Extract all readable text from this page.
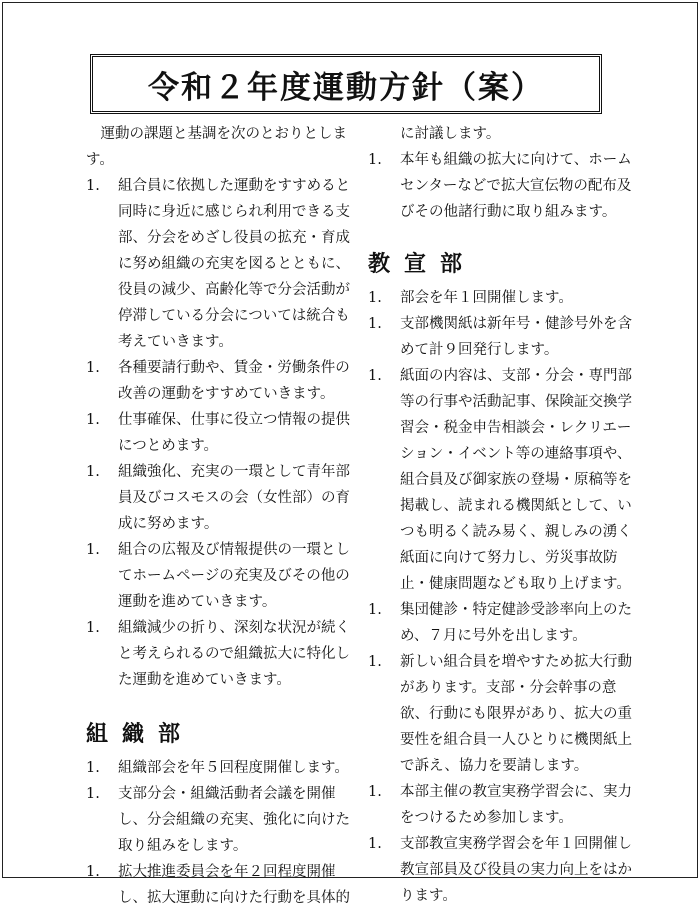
令和２年度運動方針（案）
運動の課題と基調を次のとおりとしま
す。
1. 組合員に依拠した運動をすすめると
同時に身近に感じられ利用できる支
部、分会をめざし役員の拡充・育成
に努め組織の充実を図るとともに、
役員の減少、高齢化等で分会活動が
停滞している分会については統合も
考えていきます。
1. 各種要請行動や、賃金・労働条件の
改善の運動をすすめていきます。
1. 仕事確保、仕事に役立つ情報の提供
につとめます。
1. 組織強化、充実の一環として青年部
員及びコスモスの会（女性部）の育
成に努めます。
1. 組合の広報及び情報提供の一環とし
てホームページの充実及びその他の
運動を進めていきます。
1. 組織減少の折り、深刻な状況が続く
と考えられるので組織拡大に特化し
た運動を進めていきます。
組織部
1. 組織部会を年５回程度開催します。
1. 支部分会・組織活動者会議を開催
し、分会組織の充実、強化に向けた
取り組みをします。
1. 拡大推進委員会を年２回程度開催
し、拡大運動に向けた行動を具体的
に討議します。
1. 本年も組織の拡大に向けて、ホーム
センターなどで拡大宣伝物の配布及
びその他諸行動に取り組みます。
教宣部
1. 部会を年１回開催します。
1. 支部機関紙は新年号・健診号外を含
めて計９回発行します。
1. 紙面の内容は、支部・分会・専門部
等の行事や活動記事、保険証交換学
習会・税金申告相談会・レクリエー
ション・イベント等の連絡事項や、
組合員及び御家族の登場・原稿等を
掲載し、読まれる機関紙として、い
つも明るく読み易く、親しみの湧く
紙面に向けて努力し、労災事故防
止・健康問題なども取り上げます。
1. 集団健診・特定健診受診率向上のた
め、７月に号外を出します。
1. 新しい組合員を増やすため拡大行動
があります。支部・分会幹事の意
欲、行動にも限界があり、拡大の重
要性を組合員一人ひとりに機関紙上
で訴え、協力を要請します。
1. 本部主催の教宣実務学習会に、実力
をつけるため参加します。
1. 支部教宣実務学習会を年１回開催し
教宣部員及び役員の実力向上をはか
ります。
